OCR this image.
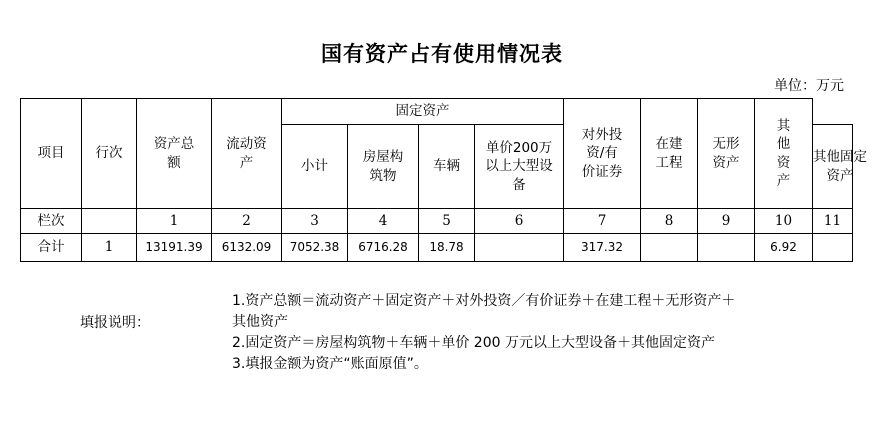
国有资产占有使用情况表
单位：万元
项目	行次	资产总额	流动资产	固定资产				对外投资/有价证券	在建工程	无形资产	其他资产	

				小计	房屋构筑物	车辆	单价200万以上大型设备					其他固定资产

栏次		1	2	3	4	5	6	7	8	9	10	11
合计	1	13191.39	6132.09	7052.38	6716.28	18.78		317.32			6.92	
填报说明：
1.资产总额＝流动资产＋固定资产＋对外投资／有价证券＋在建工程＋无形资产＋
其他资产
2.固定资产＝房屋构筑物＋车辆＋单价 200 万元以上大型设备＋其他固定资产
3.填报金额为资产“账面原值”。
